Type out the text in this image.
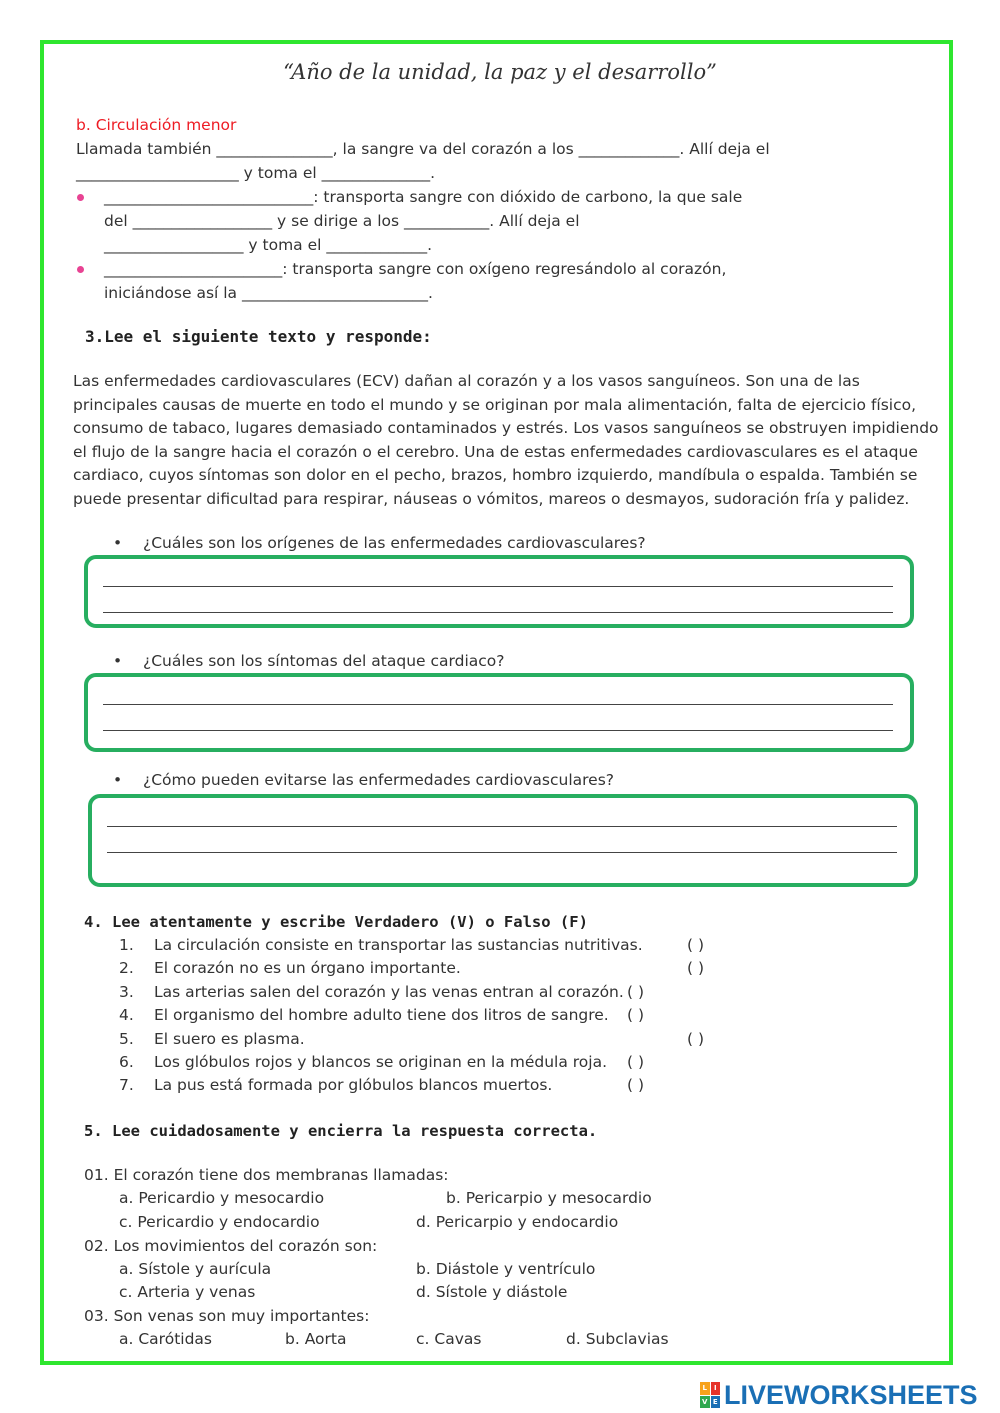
“Año de la unidad, la paz y el desarrollo”
b. Circulación menor
Llamada también _______________, la sangre va del corazón a los _____________. Allí deja el
_____________________ y toma el ______________.
___________________________: transporta sangre con dióxido de carbono, la que sale
del __________________ y se dirige a los ___________. Allí deja el
__________________ y toma el _____________.
_______________________: transporta sangre con oxígeno regresándolo al corazón,
iniciándose así la ________________________.
3.Lee el siguiente texto y responde:
Las enfermedades cardiovasculares (ECV) dañan al corazón y a los vasos sanguíneos. Son una de las
principales causas de muerte en todo el mundo y se originan por mala alimentación, falta de ejercicio físico,
consumo de tabaco, lugares demasiado contaminados y estrés. Los vasos sanguíneos se obstruyen impidiendo
el flujo de la sangre hacia el corazón o el cerebro. Una de estas enfermedades cardiovasculares es el ataque
cardiaco, cuyos síntomas son dolor en el pecho, brazos, hombro izquierdo, mandíbula o espalda. También se
puede presentar dificultad para respirar, náuseas o vómitos, mareos o desmayos, sudoración fría y palidez.
• ¿Cuáles son los orígenes de las enfermedades cardiovasculares?
• ¿Cuáles son los síntomas del ataque cardiaco?
• ¿Cómo pueden evitarse las enfermedades cardiovasculares?
4. Lee atentamente y escribe Verdadero (V) o Falso (F)
1. La circulación consiste en transportar las sustancias nutritivas.	( )
2. El corazón no es un órgano importante.	( )
3. Las arterias salen del corazón y las venas entran al corazón. ( )
4. El organismo del hombre adulto tiene dos litros de sangre. ( )
5. El suero es plasma.	( )
6. Los glóbulos rojos y blancos se originan en la médula roja. ( )
7. La pus está formada por glóbulos blancos muertos.	( )
5. Lee cuidadosamente y encierra la respuesta correcta.
01. El corazón tiene dos membranas llamadas:
a. Pericardio y mesocardio	b. Pericarpio y mesocardio
c. Pericardio y endocardio	d. Pericarpio y endocardio
02. Los movimientos del corazón son:
a. Sístole y aurícula	b. Diástole y ventrículo
c. Arteria y venas	d. Sístole y diástole
03. Son venas son muy importantes:
a. Carótidas	b. Aorta	c. Cavas	d. Subclavias
L I
V E LIVEWORKSHEETS
